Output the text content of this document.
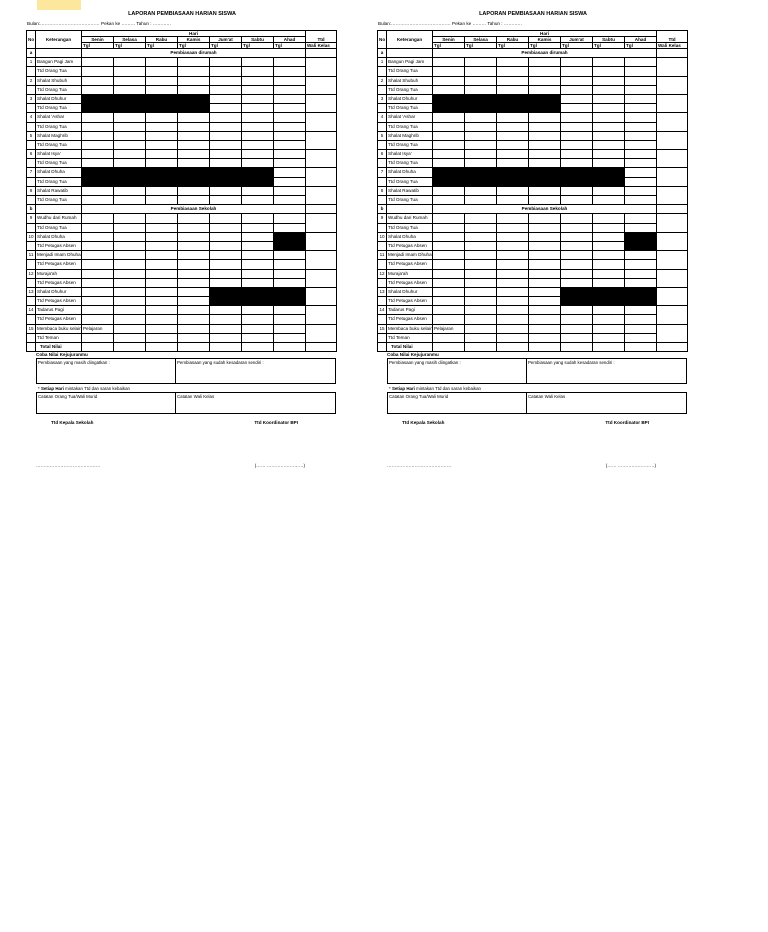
LAPORAN PEMBIASAAN HARIAN SISWA
Bulan:………………………………… Pekan ke ……… Tahun : …………
No	Keterangan	Hari							Ttd
		Senin	Selasa	Rabu	Kamis	Jum'at	Sabtu	Ahad	
		Tgl	Tgl	Tgl	Tgl	Tgl	Tgl	Tgl	Wali Kelas
a		Pembiasaan dirumah							
1	Bangun Pagi Jam								
	Ttd Orang Tua								
2	Shalat Shubuh								
	Ttd Orang Tua								
3	Shalat Dhuhur								
	Ttd Orang Tua								
4	Shalat 'Ashar								
	Ttd Orang Tua								
5	Shalat Maghrib								
	Ttd Orang Tua								
6	Shalat Isya'								
	Ttd Orang Tua								
7	Shalat Dhuha								
	Ttd Orang Tua								
8	Shalat Rawatib								
	Ttd Orang Tua								
b		Pembiasaan Sekolah							
9	Wudhu dari Rumah								
	Ttd Orang Tua								
10	Shalat Dhuha								
	Ttd Petugas Absen								
11	Menjadi Imam Dhuha								
	Ttd Petugas Absen								
12	Muraja'ah								
	Ttd Petugas Absen								
13	Shalat Dhuhur								
	Ttd Petugas Absen								
14	Tadarus Pagi								
	Ttd Petugas Absen								
15	Membaca buku selain Pelajaran								
	Ttd Teman								
	Total Nilai								
Coba Nilai Kejujuranmu
Pembiasaan yang masih diingatkan :	Pembiasaan yang sudah kesadaran sendiri :
* Setiap Hari mintakan Ttd dan saran kebaikan
Catatan Orang Tua/Wali Murid	Catatan Wali Kelas
Ttd Kepala Sekolah	Ttd Koordinator BPI
……………………………………	(…… ……………………)
LAPORAN PEMBIASAAN HARIAN SISWA
Bulan:………………………………… Pekan ke ……… Tahun : …………
No	Keterangan	Hari							Ttd
		Senin	Selasa	Rabu	Kamis	Jum'at	Sabtu	Ahad	
		Tgl	Tgl	Tgl	Tgl	Tgl	Tgl	Tgl	Wali Kelas
a		Pembiasaan dirumah							
1	Bangun Pagi Jam								
	Ttd Orang Tua								
2	Shalat Shubuh								
	Ttd Orang Tua								
3	Shalat Dhuhur								
	Ttd Orang Tua								
4	Shalat 'Ashar								
	Ttd Orang Tua								
5	Shalat Maghrib								
	Ttd Orang Tua								
6	Shalat Isya'								
	Ttd Orang Tua								
7	Shalat Dhuha								
	Ttd Orang Tua								
8	Shalat Rawatib								
	Ttd Orang Tua								
b		Pembiasaan Sekolah							
9	Wudhu dari Rumah								
	Ttd Orang Tua								
10	Shalat Dhuha								
	Ttd Petugas Absen								
11	Menjadi Imam Dhuha								
	Ttd Petugas Absen								
12	Muraja'ah								
	Ttd Petugas Absen								
13	Shalat Dhuhur								
	Ttd Petugas Absen								
14	Tadarus Pagi								
	Ttd Petugas Absen								
15	Membaca buku selain Pelajaran								
	Ttd Teman								
	Total Nilai								
Coba Nilai Kejujuranmu
Pembiasaan yang masih diingatkan :	Pembiasaan yang sudah kesadaran sendiri :
* Setiap Hari mintakan Ttd dan saran kebaikan
Catatan Orang Tua/Wali Murid	Catatan Wali Kelas
Ttd Kepala Sekolah	Ttd Koordinator BPI
……………………………………	(…… ……………………)
